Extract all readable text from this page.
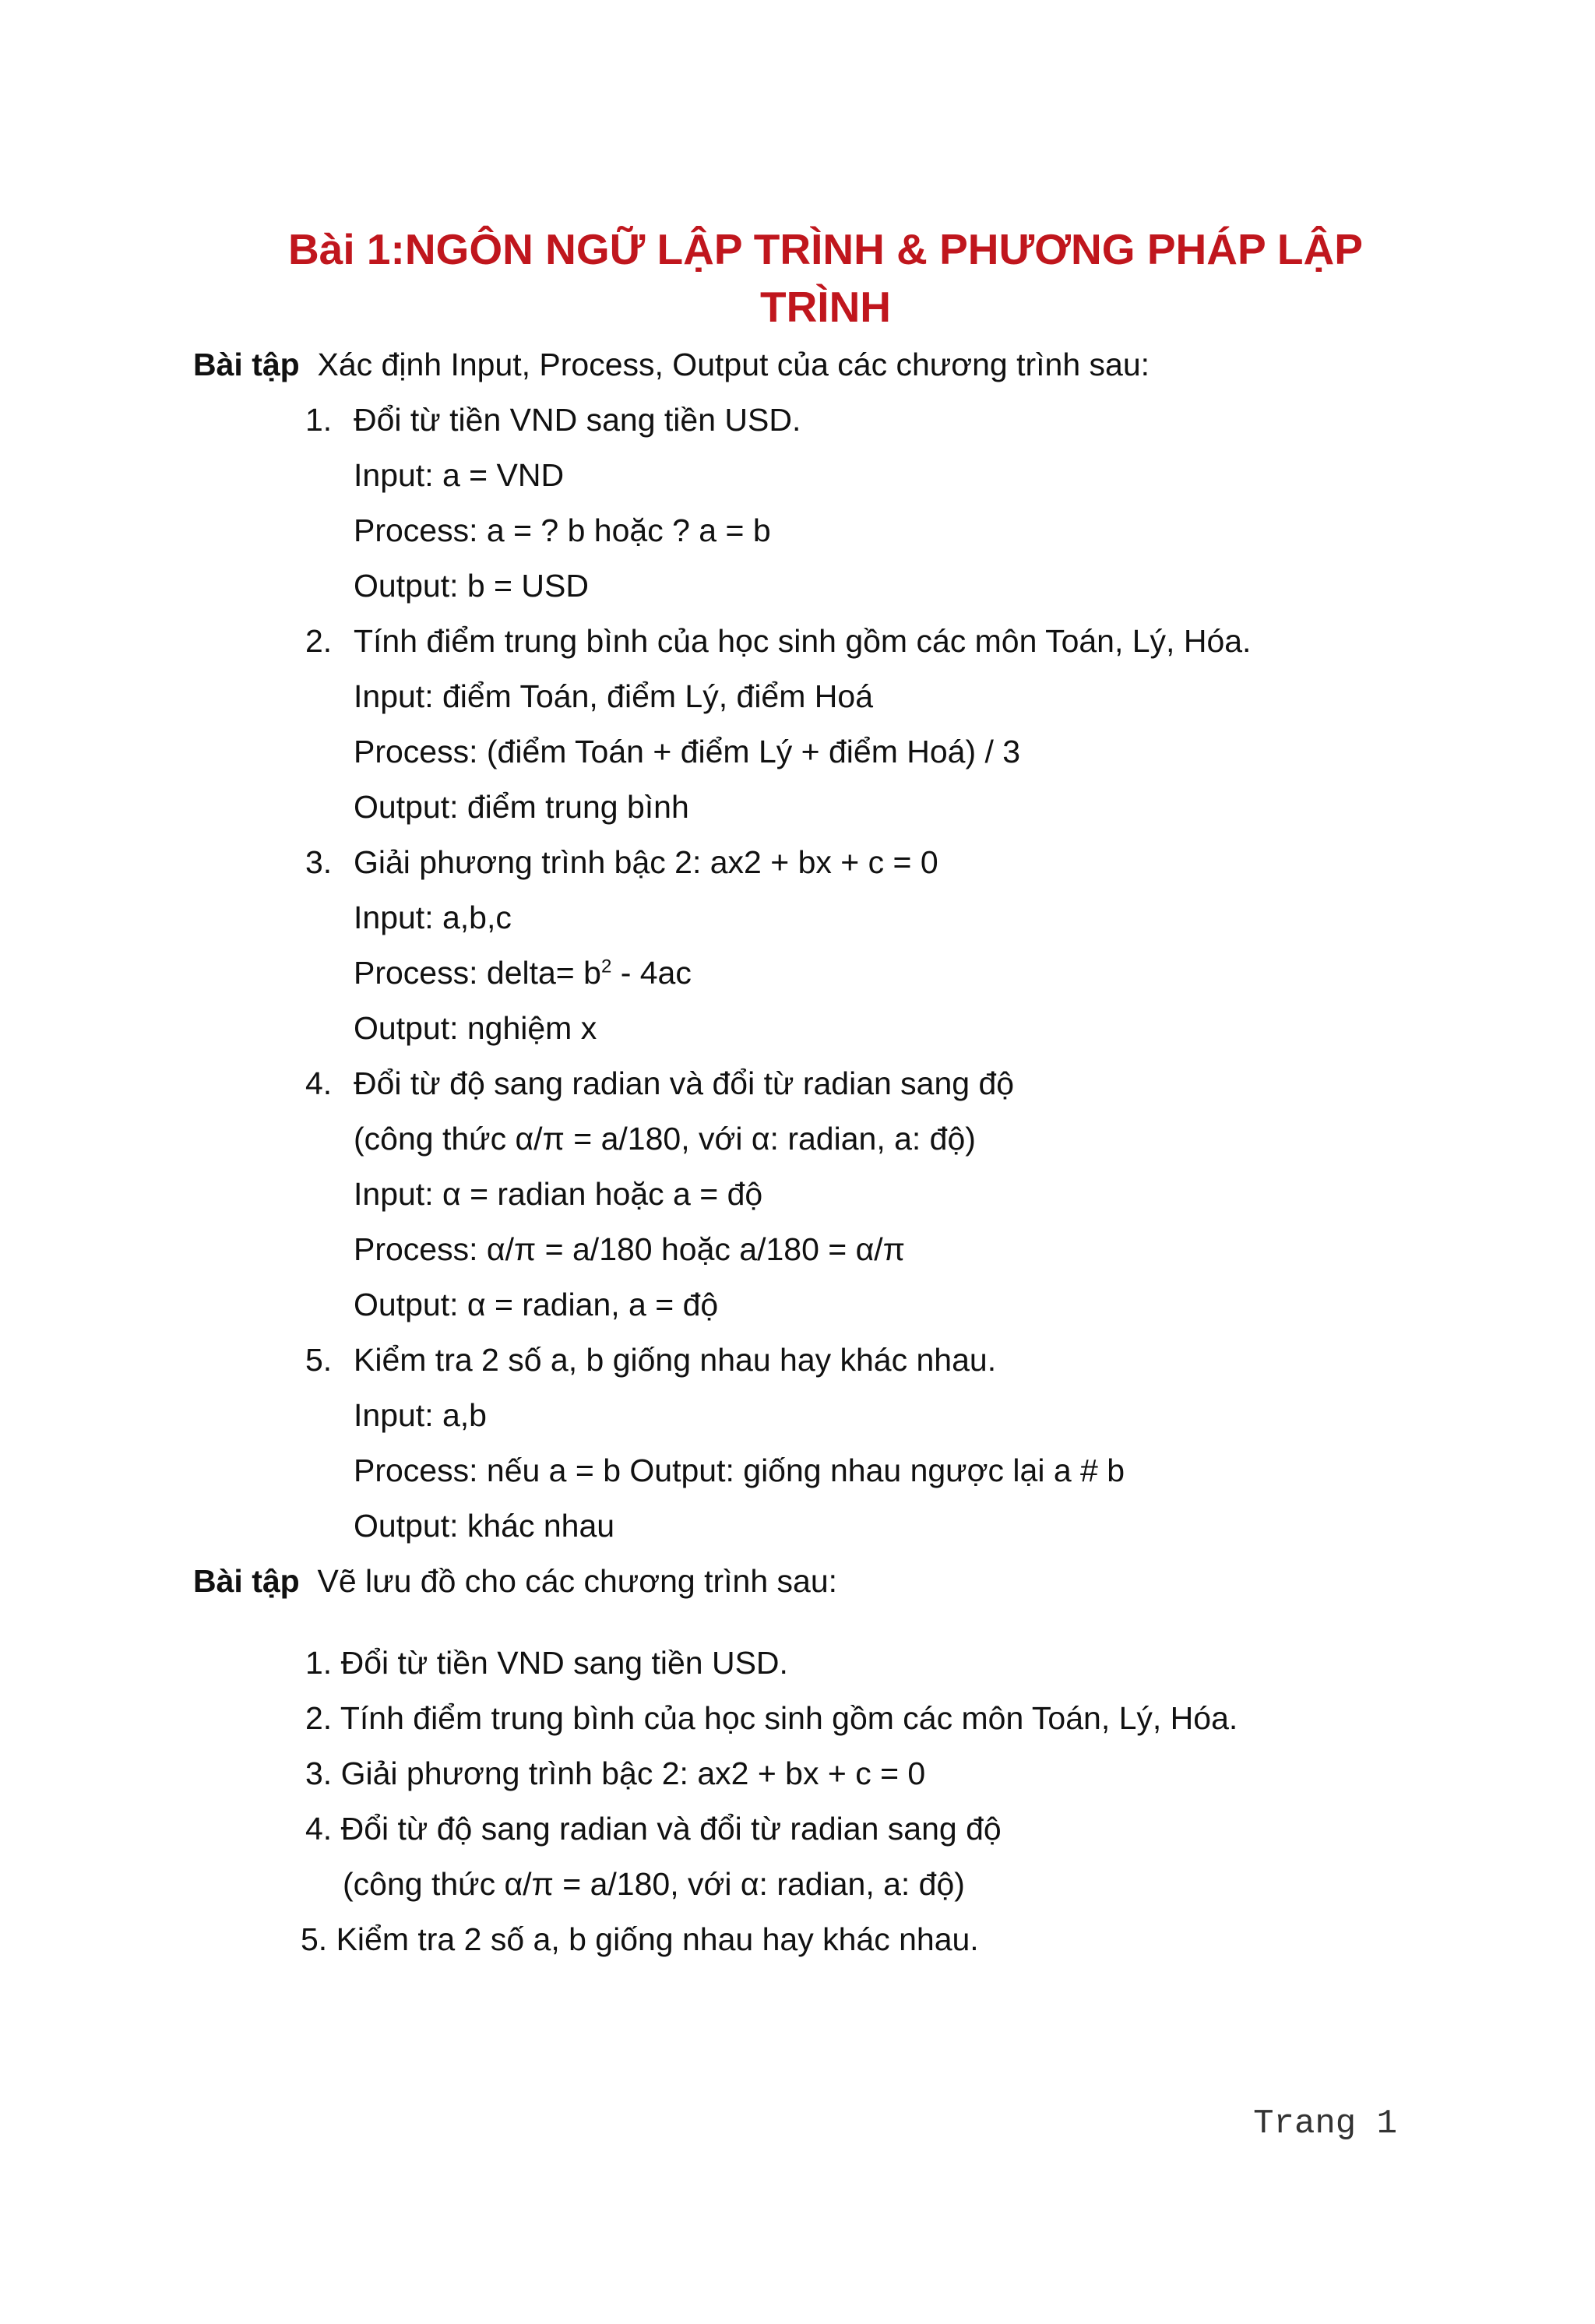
Bài 1:NGÔN NGỮ LẬP TRÌNH & PHƯƠNG PHÁP LẬP
TRÌNH
Bài tập Xác định Input, Process, Output của các chương trình sau:
1. Đổi từ tiền VND sang tiền USD.
Input: a = VND
Process: a = ? b hoặc ? a = b
Output: b = USD
2. Tính điểm trung bình của học sinh gồm các môn Toán, Lý, Hóa.
Input: điểm Toán, điểm Lý, điểm Hoá
Process: (điểm Toán + điểm Lý + điểm Hoá) / 3
Output: điểm trung bình
3. Giải phương trình bậc 2: ax2 + bx + c = 0
Input: a,b,c
Process: delta= $b^2 - 4ac$
Output: nghiệm x
4. Đổi từ độ sang radian và đổi từ radian sang độ
(công thức α/π = a/180, với α: radian, a: độ)
Input: α = radian hoặc a = độ
Process: α/π = a/180 hoặc a/180 = α/π
Output: α = radian, a = độ
5. Kiểm tra 2 số a, b giống nhau hay khác nhau.
Input: a,b
Process: nếu a = b Output: giống nhau ngược lại a # b
Output: khác nhau
Bài tập Vẽ lưu đồ cho các chương trình sau:
1. Đổi từ tiền VND sang tiền USD.
2. Tính điểm trung bình của học sinh gồm các môn Toán, Lý, Hóa.
3. Giải phương trình bậc 2: ax2 + bx + c = 0
4. Đổi từ độ sang radian và đổi từ radian sang độ
(công thức α/π = a/180, với α: radian, a: độ)
5. Kiểm tra 2 số a, b giống nhau hay khác nhau.
Trang 1
